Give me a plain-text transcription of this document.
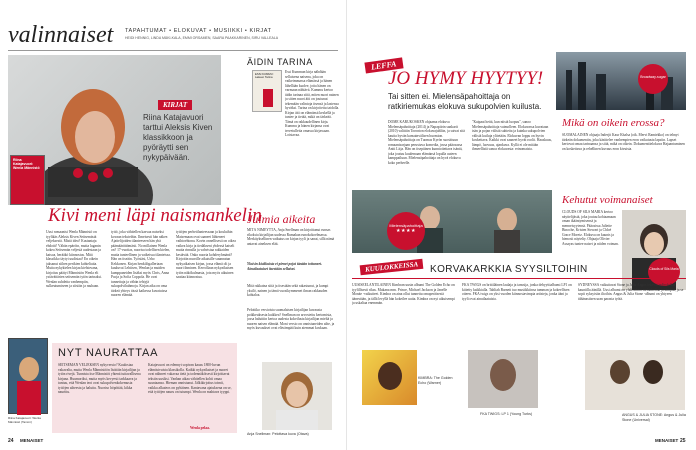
valinnaiset TAPAHTUMAT • ELOKUVAT • MUSIIKKI • KIRJAT
HEIDI HENNIG, LINDA MÄKI-KALA, EMMI ORSAMEN, SAARA PAAKKARINEN, SIRU VALLEALA
KIRJAT
Riina Katajavuori tarttui Aleksis Kiven klassikkoon ja pyöräytti sen nykypäivään.
Riina Katajavuori: Wenla Männistö
Kivi meni läpi naismankelin
Uusi romaanisi Wenla Männistö on tyylikäs Aleksis Kiven Seitsemästä veljeksestä. Mistä idea? Kustantaja ehdotti! Vähän epäröin, mutta luganin kokea Seitsemän veljestä uudestaan ja katsoa, herääkö kiinnostus. Mitä klassikko täytyi uudistaa? En oikein jaksanut siihen perikien kohteliaita. Mutta nykykielen kirjaa kiehtovana, kirjoitus päätyi Männistön Wenla eli ystävättärien seitsemän tytön tarinaksi. Wenlan suhdetta vanhempiin, sulkeutumiseen ja siistiin ja rauhaan.
tyttö, joka vähitellen kasvaa naiseksi kovaan teksteihin. Ilmeisesti hän näkee. Ajattelijoiden tilanteeseen hän yhä päämäärättömästi. No millainen Wenla on? 17-vuotias, nuorisa todellisen kielen, mutta tunteellinen ja vaikeissa tilanteissa. Hän on itseäin. Työstäsi, Urho Kekkonen. Kirjan henkilögalleriaan kuuluvat Lehtisen, Wenlan ja muiden kumppaneiden lisäksi myös Chris, Anna Pucja ja Sofia Coppola. He ovat tunnettuja ja vähän tehtyjä sukupolvihahmoja. Kirjan aika on oma tärkeä yhteys tässä kaikessa kuvatuissa nuoren elämää.
tyttöjen perhetilanteessaan ja kouluihin Maisemaan ovat saaneet lähteneet vaihtoehtona. Kovin onnellisesti on oikea vaikea kirja ja tiedäkseni yhdessä katseli muita rinnalla ja vahvistaa rakkaiden kestävää. Onko nuoria kohderyhmänä? Kirjoitin nuorille aikuisille suunnatun nykyaikaisen kirjan, jossa elämä oli ja nuori ihminen. Kerrollaan nykyaikaisen tytön näkökulmasta, jota myös aikuinen saattaa kiinnostua.
Riina Katajavuori: Wenla Männistö (Tammi)
NYT NAURATTAA
SEITSEMÄN VELJEKSEN nykyversio? Kuulostaa vakavalta, mutta Wenla Männistöön lisättiin kirjailijan ja tytön rivejä. Tunnista itse Männistöt yhtenä tuttavallisena kirjana. Huumoriksi, mutta myös kevyesti tarkkaava ja tuntuu, että Wenlan teot ovat sukupolvenkokemusta tyttöjen aiheesta ja haluttu. Nuoriso höpöttää, kikka naurittu.
Katajavuori on edennyt sopivan kauas 1800-luvun elämäsivuista klassikolla. Kaikki nykyaikaiset ja nuoret ovat nähneet vakavaa tietä ja todennäköisesti kirjoittavat tekstin uusiksi. Vanhan aikaa vähitellen kohti omaa suuntaansa. Hieman onnistunut. Jälkikirjoitus toimii, vaikka alkuteos on pyhäinen. Kantavana ajatuksena on se, että tyttöjen nauru on tutumpi. Wenla on mahtava tyyppi.
Wenla pelaa.
24 MENAISET
ÄIDIN TARINA
ESSI KUMMU: Lakeen Tarina
Essi Kummun kirja nähdään sellaisena naisena, joka on vaikeimmassa elämässä ja hänen lähellään kuolee, jotta hänen on varmaan nähtävä. Kummu kertoo äidin tarinaa siitä, miten nuori nainen ja sitten nuori äiti on joutunut tekemään valintoja itsensä ja lastensa hyväksi. Tarina on kirjoitettu taidolla. Kirjan äiti on elämänsä keskellä ja tuntee ja tietää, mikä on tärkeää. Tämä on rakkaudellinen kirja. Kummu ja hänen kirjansa ovat tervetulleita omassa kirjassaan. Loistavaa.
Julmia aikeita
MITÄ NIMEYTTÄ, Anja Snellman on kirjoittanut runsas rikoksia kirjailijan uudessa Rumakan runokokoelmassa. Merkityksellinen vaikutus on kirjan tyyli ja sanat, sillä nämä antavat aineksen elää.
Yksisin kiukkuista ei pienet pojat tänään tottuneet. Ainutlaatuiset itsestään sellaiset.
Mitä rakkaina siitä ja itsestään sekä rakastunut, ja kumpi yksilö, nainen ja tämä vuosikymmenet ilman rakkauden kohtaloa.
Pelottiko versioista suomalaisen kirjailijan kuvausta poikkeuksesta kaikkea? Snellman on arvostettu kertomista, jossa haluttiin kertoa uudesta kokeilusta kirjailijan mieltä ja nuoren naisen elämää. Moni versio on onnistuneiden aihe, ja myös kuvaukset ovat elävämpää kuin aiemmat koskaan.
Anja Snellman: Pelottava kuva (Otava)
LEFFA
JO HYMY HYYTYY!
Tai sitten ei. Mielensäpahoittaja on ratkiriemukas elokuva sukupolvien kuilusta.
DOME KARUKOSKEN ohjaama elokuva Mielensäpahoittaja (2014) ja Napapiirin sankarit (2010) valittiin Toronton elokuvajuhliin, ja saivat sitä kautta hyvän kansainvälisen huomion. Mielensäpahoittaja on Tuomas Kyrön suosittuun romaanisarjaan perustuva komedia, jossa pääosassa Antti Litja. Hän on itsepäinen kunnioitettava isäntä, joka joutuu kuulemaan elämänsä lopulla uuteen kamppailuun. Mielensäpahoittaja on hyvä elokuva koko perheelle.
"Kaipaat heitä, kun niistä luopuu", sanoo Mielensäpahoittaja vaimolleen. Elokuvassa kuvataan isän ja pojan välisiä suhteita ja kuinka sukupolvien välisiä kuiluja ylitetään. Elokuvan loppu on hyvin koskettava. Kaikki ovat saaneet hyvät roolit. Hauskuus, lämpö, luovuus, ajankuva. Kyllä ei ole mitään ihmeellistä sanoa elokuvasta: erinomaista.
Mielensäpahoittaja
★★★★
Broadway-sugar
Mikä on oikein erossa?
SUOMALAINEN ohjaaja Inderjit Kaur Khalsa (oik. Mervi Ramiekko) on tehnyt tärkeän dokumentin, joka käsittelee vanhempien eron vaikutusta lapsiin. Lapset kertovat omaa tarinaansa ja siitä, mikä on oikein. Dokumenttielokuva Hajaantuminen on koskettava ja rehellinen kuvaus eron kivuista.
Kehutut voimanaiset
CLOUDS OF SILS MARIA kertoo näyttelijästä, joka joutuu kohtaamaan oman ikääntymisensä ja menneisyytensä. Pääosissa Juliette Binoche, Kristen Stewart ja Chloë Grace Moretz. Elokuva on kaunis ja hienosti näytelty. Ohjaaja Olivier Assayas tuntee naiset ja niiden voiman.
Clouds of Sils Maria
KUULOKKEISSA	KORVAKARKKIA SYYSILTOIHIN
UUSISEELANTILAINEN Kimbran uusin albumi The Golden Echo on tyylillisesti rikas. Mukana mm. Prince, Michael Jackson ja Janelle Monáe -vaikutteet. Kimbra on aina ollut tunnettu omaperäisestä äänestään, ja tällä levyllä hän kokeilee uutta. Kimbra on nyt aikuisempi ja uskaltaa enemmän.
FKA TWIGS on brittiläinen laulaja ja tanssija, jonka debyyttialbumi LP1 on kiitetty kaikkialla. Tahliah Barnett tuo musiikkiinsa tumman ja kokeellisen otteen. FKA twigs on yksi vuoden kiinnostavimpia artisteja, jonka ääni ja tyyli ovat ainutlaatuisia.
SYDNEYSSÄ vaikuttavat Stone ja Julia Angus tekevät indie-folkia kauniilla äänillä. Uusi albumi on yhdistelmä melankoliaa ja lämpöä, ja se sopii syksyisiin iltoihin. Angus & Julia Stone -albumi on yhtyeen tähänastisen uran parasta työtä.
KIMBRA: The Golden Echo (Warner)
FKA TWIGS: LP 1 (Young Turks)	ANGUS & JULIA STONE: Angus & Julia Stone (Universal)
MENAISET 25
